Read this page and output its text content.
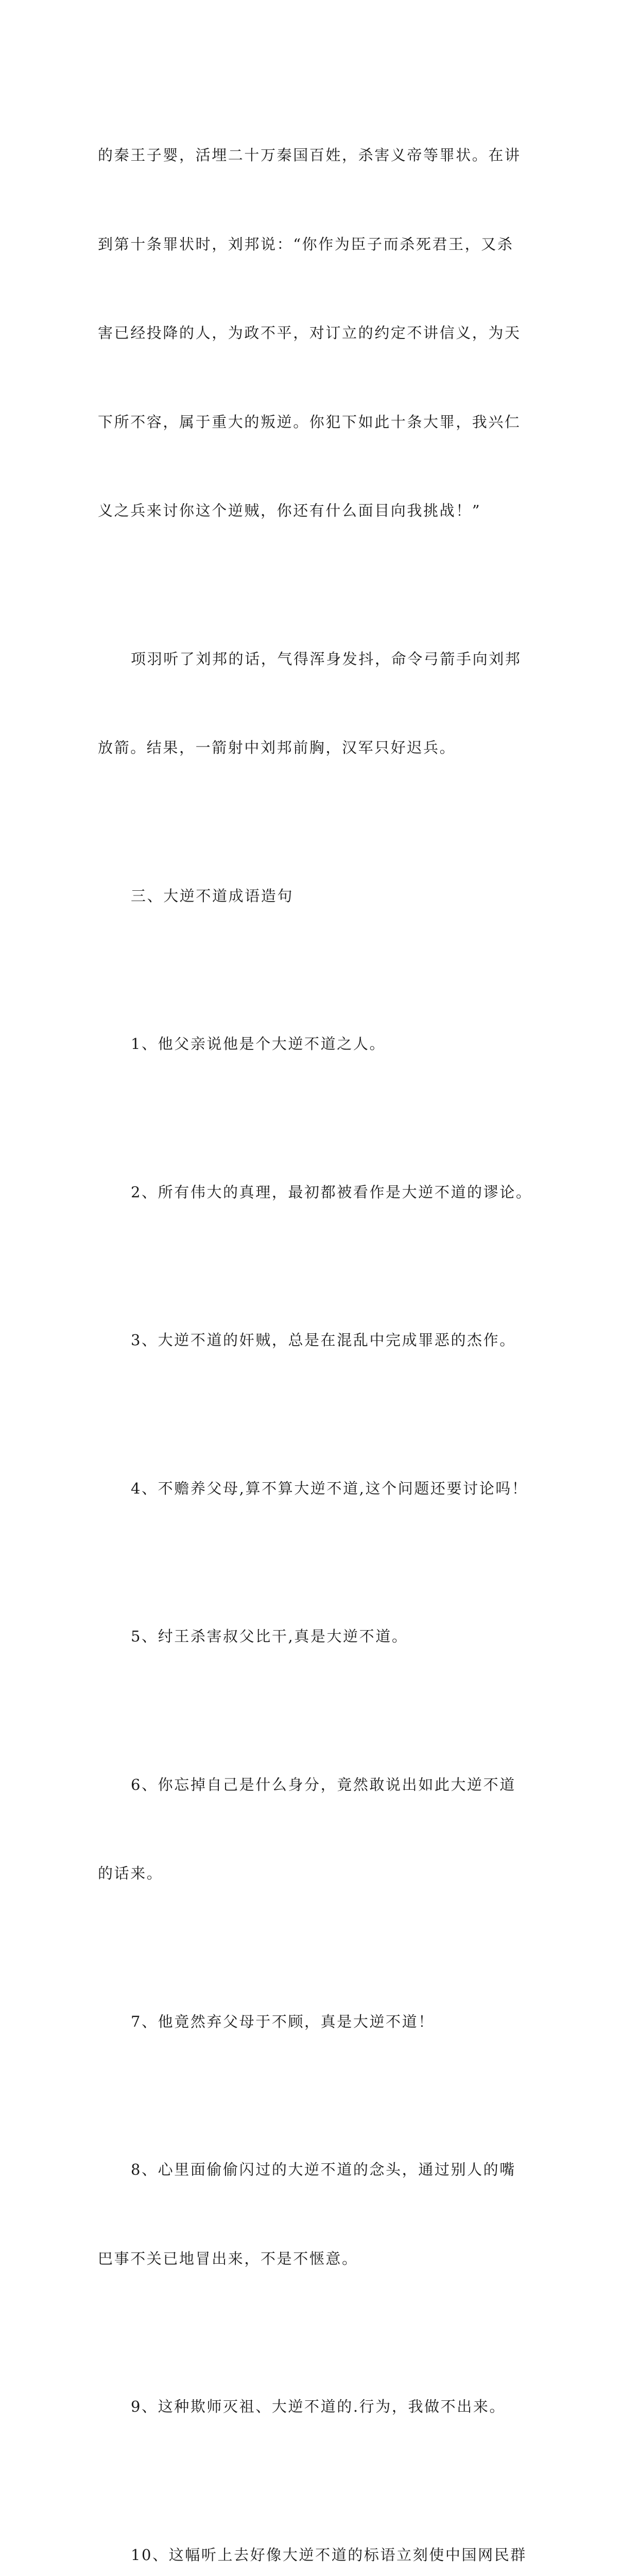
的秦王子婴，活埋二十万秦国百姓，杀害义帝等罪状。在讲

到第十条罪状时，刘邦说：“你作为臣子而杀死君王，又杀

害已经投降的人，为政不平，对订立的约定不讲信义，为天

下所不容，属于重大的叛逆。你犯下如此十条大罪，我兴仁

义之兵来讨你这个逆贼，你还有什么面目向我挑战！”

项羽听了刘邦的话，气得浑身发抖，命令弓箭手向刘邦

放箭。结果，一箭射中刘邦前胸，汉军只好迟兵。

三、大逆不道成语造句

1、他父亲说他是个大逆不道之人。

2、所有伟大的真理，最初都被看作是大逆不道的谬论。

3、大逆不道的奸贼，总是在混乱中完成罪恶的杰作。

4、不赡养父母,算不算大逆不道,这个问题还要讨论吗！

5、纣王杀害叔父比干,真是大逆不道。

6、你忘掉自己是什么身分，竟然敢说出如此大逆不道

的话来。

7、他竟然弃父母于不顾，真是大逆不道！

8、心里面偷偷闪过的大逆不道的念头，通过别人的嘴

巴事不关已地冒出来，不是不惬意。

9、这种欺师灭祖、大逆不道的.行为，我做不出来。

10、这幅听上去好像大逆不道的标语立刻使中国网民群
